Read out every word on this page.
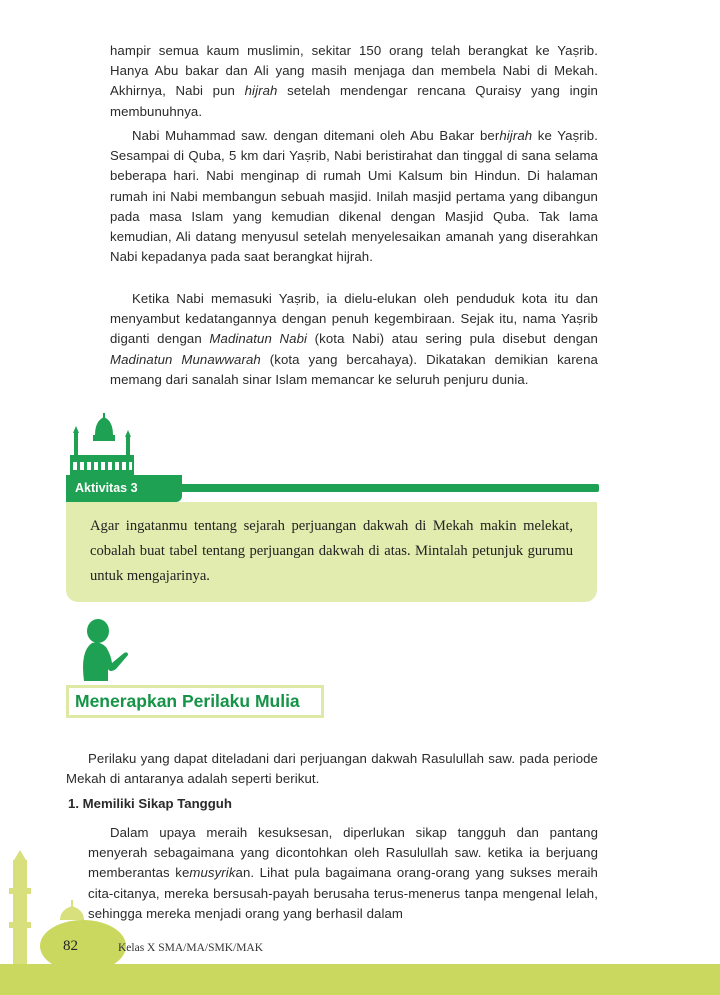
hampir semua kaum muslimin, sekitar 150 orang telah berangkat ke Yaṣrib. Hanya Abu bakar dan Ali yang masih menjaga dan membela Nabi di Mekah. Akhirnya, Nabi pun hijrah setelah mendengar rencana Quraisy yang ingin membunuhnya.

Nabi Muhammad saw. dengan ditemani oleh Abu Bakar berhijrah ke Yaṣrib. Sesampai di Quba, 5 km dari Yaṣrib, Nabi beristirahat dan tinggal di sana selama beberapa hari. Nabi menginap di rumah Umi Kalsum bin Hindun. Di halaman rumah ini Nabi membangun sebuah masjid. Inilah masjid pertama yang dibangun pada masa Islam yang kemudian dikenal dengan Masjid Quba. Tak lama kemudian, Ali datang menyusul setelah menyelesaikan amanah yang diserahkan Nabi kepadanya pada saat berangkat hijrah.

Ketika Nabi memasuki Yaṣrib, ia dielu-elukan oleh penduduk kota itu dan menyambut kedatangannya dengan penuh kegembiraan. Sejak itu, nama Yaṣrib diganti dengan Madinatun Nabi (kota Nabi) atau sering pula disebut dengan Madinatun Munawwarah (kota yang bercahaya). Dikatakan demikian karena memang dari sanalah sinar Islam memancar ke seluruh penjuru dunia.

Aktivitas 3

Agar ingatanmu tentang sejarah perjuangan dakwah di Mekah makin melekat, cobalah buat tabel tentang perjuangan dakwah di atas. Mintalah petunjuk gurumu untuk mengajarinya.

Menerapkan Perilaku Mulia

Perilaku yang dapat diteladani dari perjuangan dakwah Rasulullah saw. pada periode Mekah di antaranya adalah seperti berikut.

1. Memiliki Sikap Tangguh

Dalam upaya meraih kesuksesan, diperlukan sikap tangguh dan pantang menyerah sebagaimana yang dicontohkan oleh Rasulullah saw. ketika ia berjuang memberantas kemusyrikan. Lihat pula bagaimana orang-orang yang sukses meraih cita-citanya, mereka bersusah-payah berusaha terus-menerus tanpa mengenal lelah, sehingga mereka menjadi orang yang berhasil dalam

82	Kelas X SMA/MA/SMK/MAK
